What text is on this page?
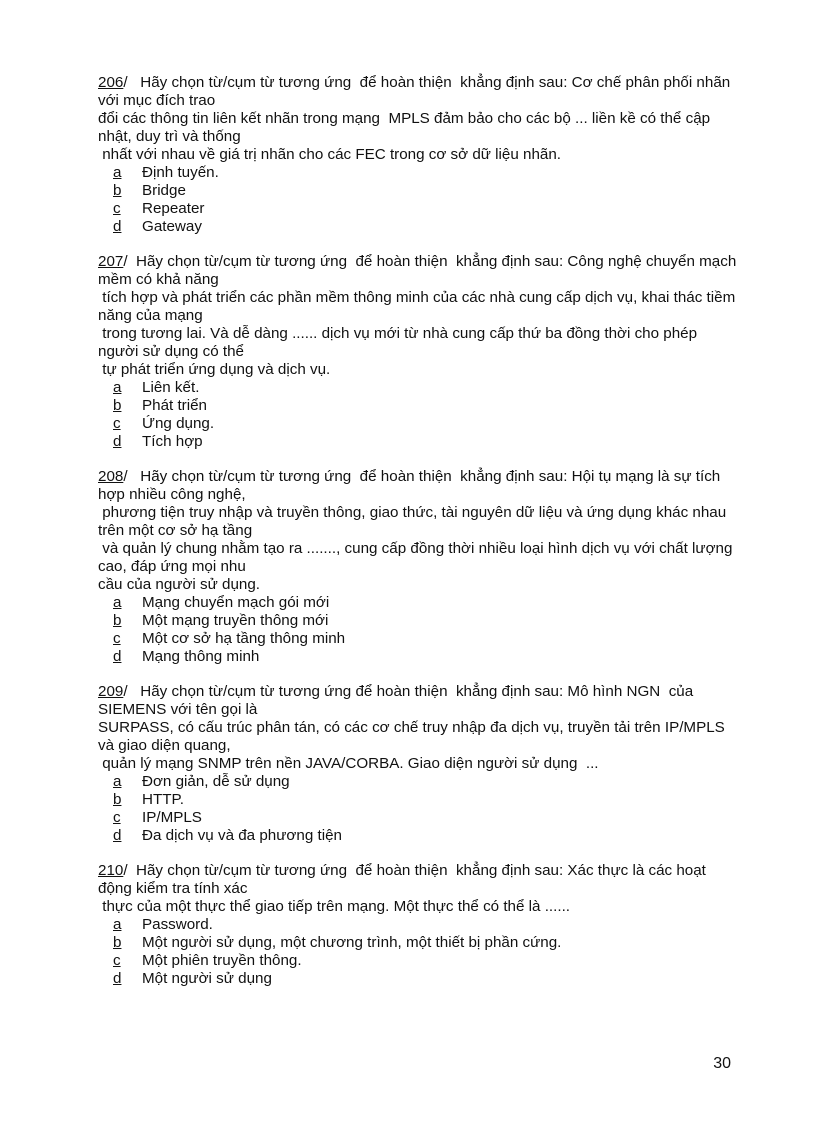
206/   Hãy chọn từ/cụm từ tương ứng  để hoàn thiện  khẳng định sau: Cơ chế phân phối nhãn với mục đích trao
đổi các thông tin liên kết nhãn trong mạng  MPLS đảm bảo cho các bộ ... liền kề có thể cập nhật, duy trì và thống
nhất với nhau về giá trị nhãn cho các FEC trong cơ sở dữ liệu nhãn.
a	Định tuyến.
b	Bridge
c	Repeater
d	Gateway
207/  Hãy chọn từ/cụm từ tương ứng  để hoàn thiện  khẳng định sau: Công nghệ chuyển mạch mềm có khả năng
tích hợp và phát triển các phần mềm thông minh của các nhà cung cấp dịch vụ, khai thác tiềm năng của mạng
trong tương lai. Và dễ dàng ...... dịch vụ mới từ nhà cung cấp thứ ba đồng thời cho phép người sử dụng có thể
tự phát triển ứng dụng và dịch vụ.
a	Liên kết.
b	Phát triển
c	Ứng dụng.
d	Tích hợp
208/   Hãy chọn từ/cụm từ tương ứng  để hoàn thiện  khẳng định sau: Hội tụ mạng là sự tích hợp nhiều công nghệ,
phương tiện truy nhập và truyền thông, giao thức, tài nguyên dữ liệu và ứng dụng khác nhau trên một cơ sở hạ tầng
và quản lý chung nhằm tạo ra ......., cung cấp đồng thời nhiều loại hình dịch vụ với chất lượng cao, đáp ứng mọi nhu
cầu của người sử dụng.
a	Mạng chuyển mạch gói mới
b	Một mạng truyền thông mới
c	Một cơ sở hạ tầng thông minh
d	Mạng thông minh
209/   Hãy chọn từ/cụm từ tương ứng để hoàn thiện  khẳng định sau: Mô hình NGN  của SIEMENS với tên gọi là
SURPASS, có cấu trúc phân tán, có các cơ chế truy nhập đa dịch vụ, truyền tải trên IP/MPLS và giao diện quang,
quản lý mạng SNMP trên nền JAVA/CORBA. Giao diện người sử dụng  ...
a	Đơn giản, dễ sử dụng
b	HTTP.
c	IP/MPLS
d	Đa dịch vụ và đa phương tiện
210/  Hãy chọn từ/cụm từ tương ứng  để hoàn thiện  khẳng định sau: Xác thực là các hoạt động kiểm tra tính xác
thực của một thực thể giao tiếp trên mạng. Một thực thể có thể là ......
a	Password.
b	Một người sử dụng, một chương trình, một thiết bị phần cứng.
c	Một phiên truyền thông.
d	Một người sử dụng
30
